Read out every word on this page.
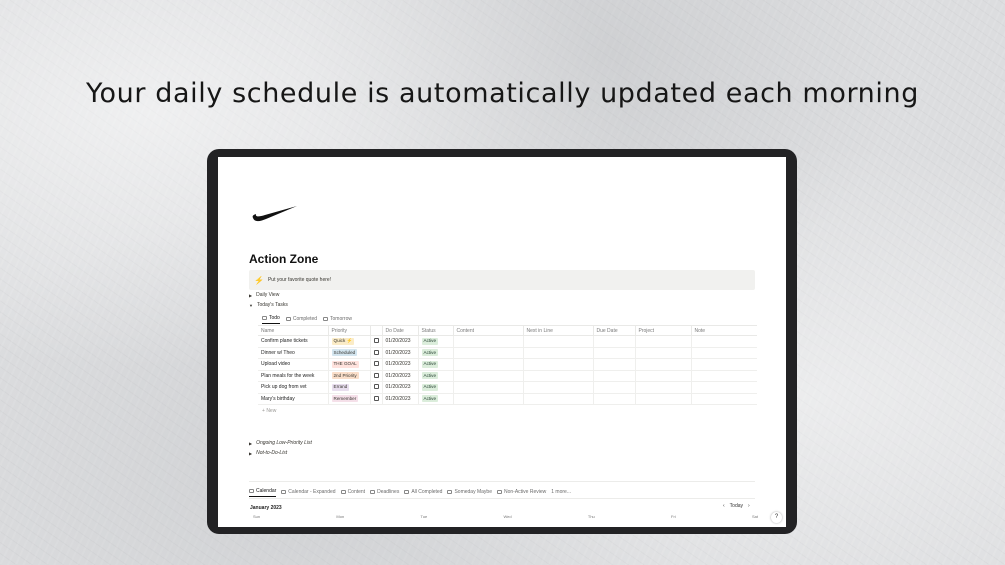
Your daily schedule is automatically updated each morning
Action Zone
⚡ Put your favorite quote here!
▶ Daily View
▼ Today's Tasks
Todo	Completed	Tomorrow
Name	Priority		Do Date	Status	Content	Next in Line	Due Date	Project	Note
Confirm plane tickets	Quick ⚡		01/20/2023	Active					
Dinner w/ Theo	Scheduled		01/20/2023	Active					
Upload video	THE GOAL		01/20/2023	Active					
Plan meals for the week	2nd Priority		01/20/2023	Active					
Pick up dog from vet	Errand		01/20/2023	Active					
Mary's birthday	Remember		01/20/2023	Active					
+ New
▶ Ongoing Low-Priority List
▶ Not-to-Do-List
Calendar Calendar - Expanded Content Deadlines All Completed Someday Maybe Non-Active Review 1 more...
January 2023	‹ Today ›
Sun	Mon	Tue	Wed	Thu	Fri	Sat	?
